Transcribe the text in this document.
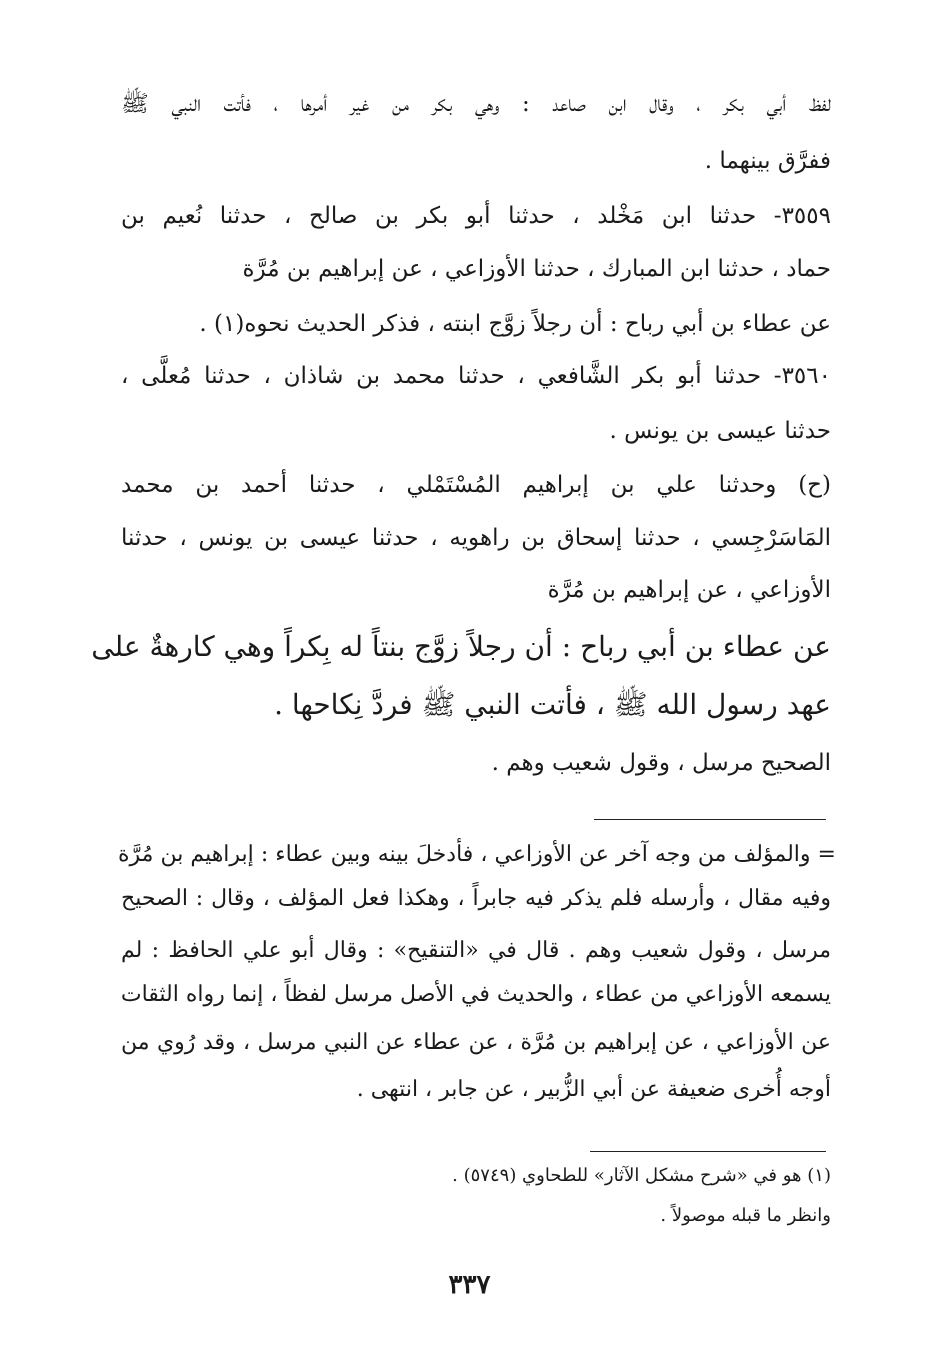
لفظ أبي بكر ، وقال ابن صاعد : وهي بكر من غير أمرها ، فأتت النبي ﷺ
ففرَّق بينهما .
٣٥٥٩- حدثنا ابن مَخْلد ، حدثنا أبو بكر بن صالح ، حدثنا نُعيم بن
حماد ، حدثنا ابن المبارك ، حدثنا الأوزاعي ، عن إبراهيم بن مُرَّة
عن عطاء بن أبي رباح : أن رجلاً زوَّج ابنته ، فذكر الحديث نحوه(١) .
٣٥٦٠- حدثنا أبو بكر الشَّافعي ، حدثنا محمد بن شاذان ، حدثنا مُعلَّى ،
حدثنا عيسى بن يونس .
(ح) وحدثنا علي بن إبراهيم المُسْتَمْلي ، حدثنا أحمد بن محمد
المَاسَرْجِسي ، حدثنا إسحاق بن راهويه ، حدثنا عيسى بن يونس ، حدثنا
الأوزاعي ، عن إبراهيم بن مُرَّة
عن عطاء بن أبي رباح : أن رجلاً زوَّج بنتاً له بِكراً وهي كارهةٌ على
عهد رسول الله ﷺ ، فأتت النبي ﷺ فردَّ نِكاحها .
الصحيح مرسل ، وقول شعيب وهم .
= والمؤلف من وجه آخر عن الأوزاعي ، فأدخلَ بينه وبين عطاء : إبراهيم بن مُرَّة
وفيه مقال ، وأرسله فلم يذكر فيه جابراً ، وهكذا فعل المؤلف ، وقال : الصحيح
مرسل ، وقول شعيب وهم . قال في «التنقيح» : وقال أبو علي الحافظ : لم
يسمعه الأوزاعي من عطاء ، والحديث في الأصل مرسل لفظاً ، إنما رواه الثقات
عن الأوزاعي ، عن إبراهيم بن مُرَّة ، عن عطاء عن النبي مرسل ، وقد رُوي من
أوجه أُخرى ضعيفة عن أبي الزُّبير ، عن جابر ، انتهى .
(١) هو في «شرح مشكل الآثار» للطحاوي (٥٧٤٩) .
وانظر ما قبله موصولاً .
٣٣٧
